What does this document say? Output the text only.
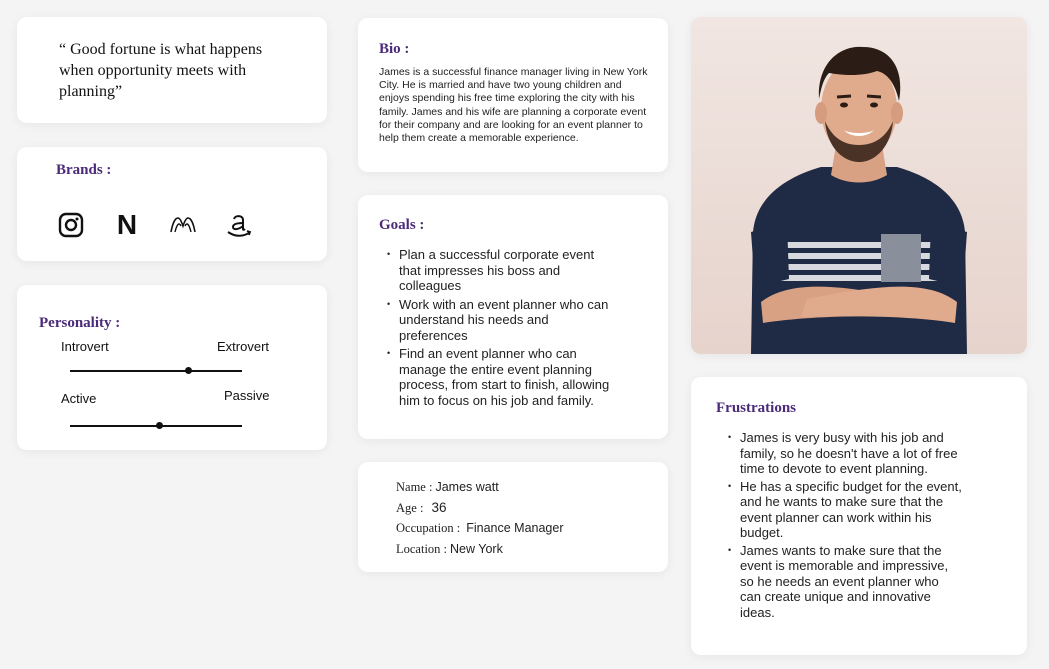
“ Good fortune is what happens when opportunity meets with planning”
Brands :
N
Personality :
Introvert	Extrovert
Active	Passive
Bio :
James is a successful finance manager living in New York City. He is married and have two young children and enjoys spending his free time exploring the city with his family. James and his wife are planning a corporate event for their company and are looking for an event planner to help them create a memorable experience.
Goals :
• Plan a successful corporate event that impresses his boss and colleagues
• Work with an event planner who can understand his needs and preferences
• Find an event planner who can manage the entire event planning process, from start to finish, allowing him to focus on his job and family.
Name : James watt
Age : 36
Occupation : Finance Manager
Location : New York
Frustrations
• James is very busy with his job and family, so he doesn't have a lot of free time to devote to event planning.
• He has a specific budget for the event, and he wants to make sure that the event planner can work within his budget.
• James wants to make sure that the event is memorable and impressive, so he needs an event planner who can create unique and innovative ideas.
